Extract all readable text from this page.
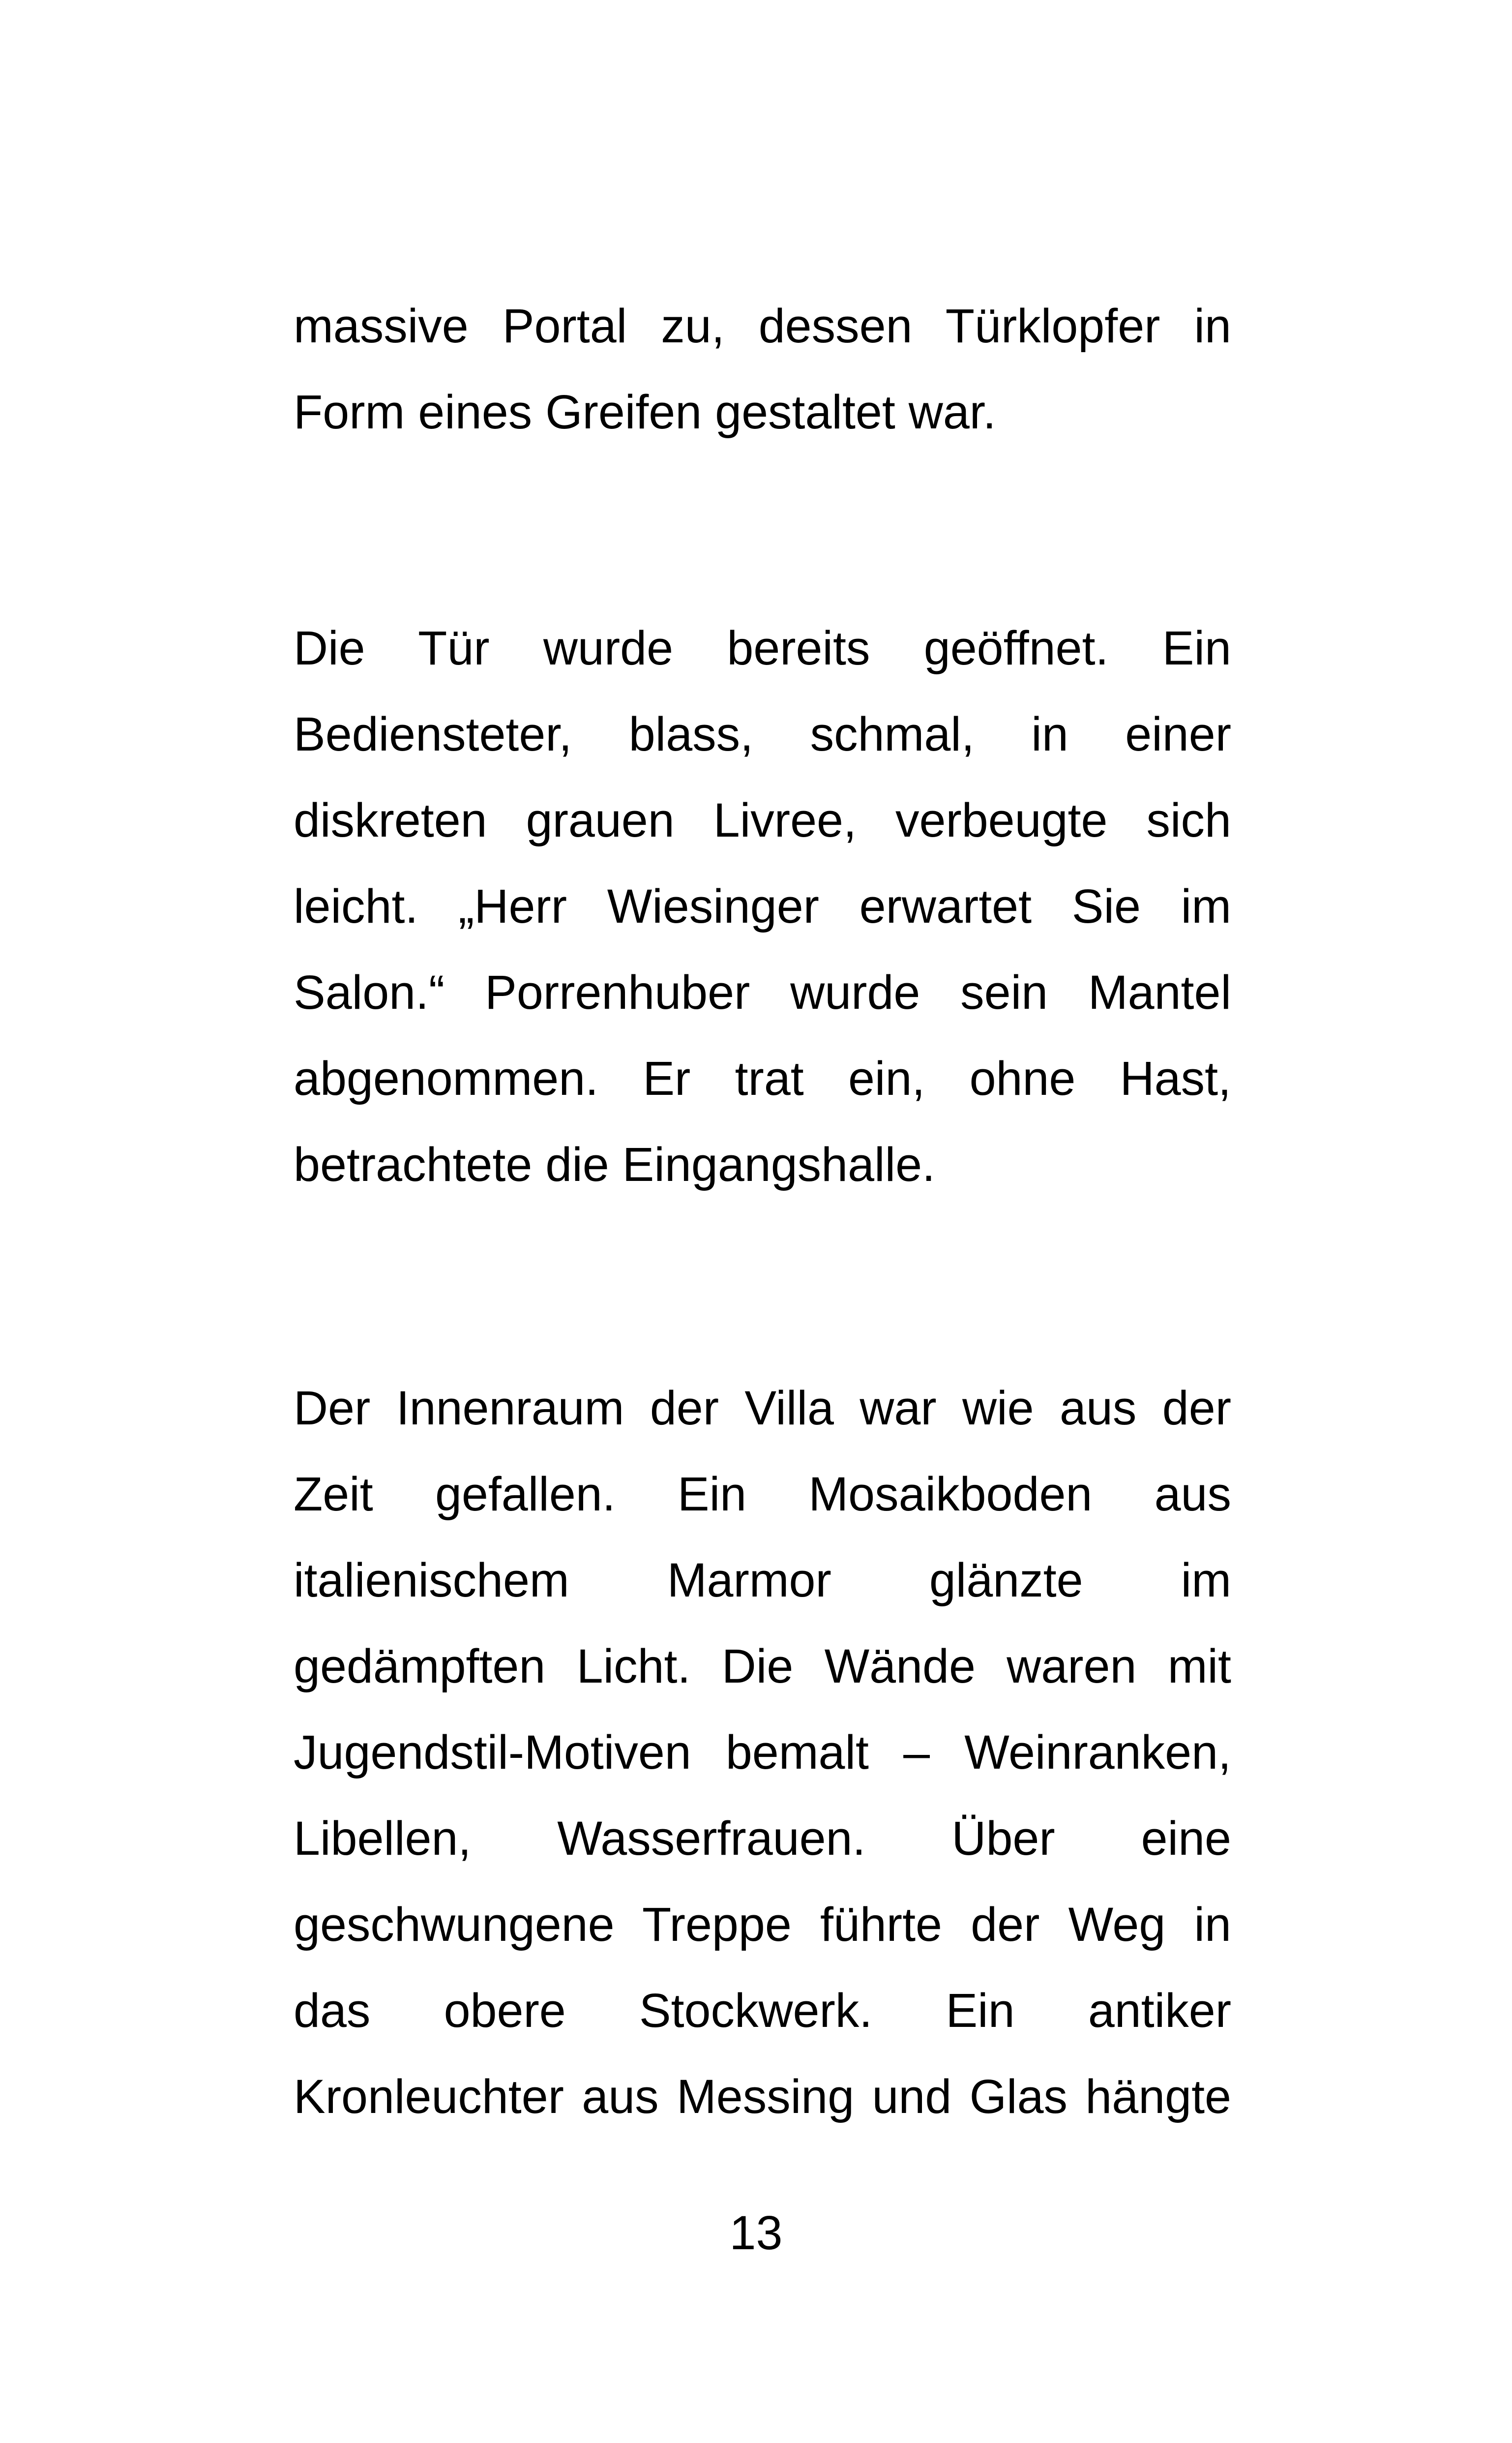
massive Portal zu, dessen Türklopfer in
Form eines Greifen gestaltet war.
Die Tür wurde bereits geöffnet. Ein
Bediensteter, blass, schmal, in einer
diskreten grauen Livree, verbeugte sich
leicht. „Herr Wiesinger erwartet Sie im
Salon.“ Porrenhuber wurde sein Mantel
abgenommen. Er trat ein, ohne Hast,
betrachtete die Eingangshalle.
Der Innenraum der Villa war wie aus der
Zeit gefallen. Ein Mosaikboden aus
italienischem Marmor glänzte im
gedämpften Licht. Die Wände waren mit
Jugendstil-Motiven bemalt – Weinranken,
Libellen, Wasserfrauen. Über eine
geschwungene Treppe führte der Weg in
das obere Stockwerk. Ein antiker
Kronleuchter aus Messing und Glas hängte
13
